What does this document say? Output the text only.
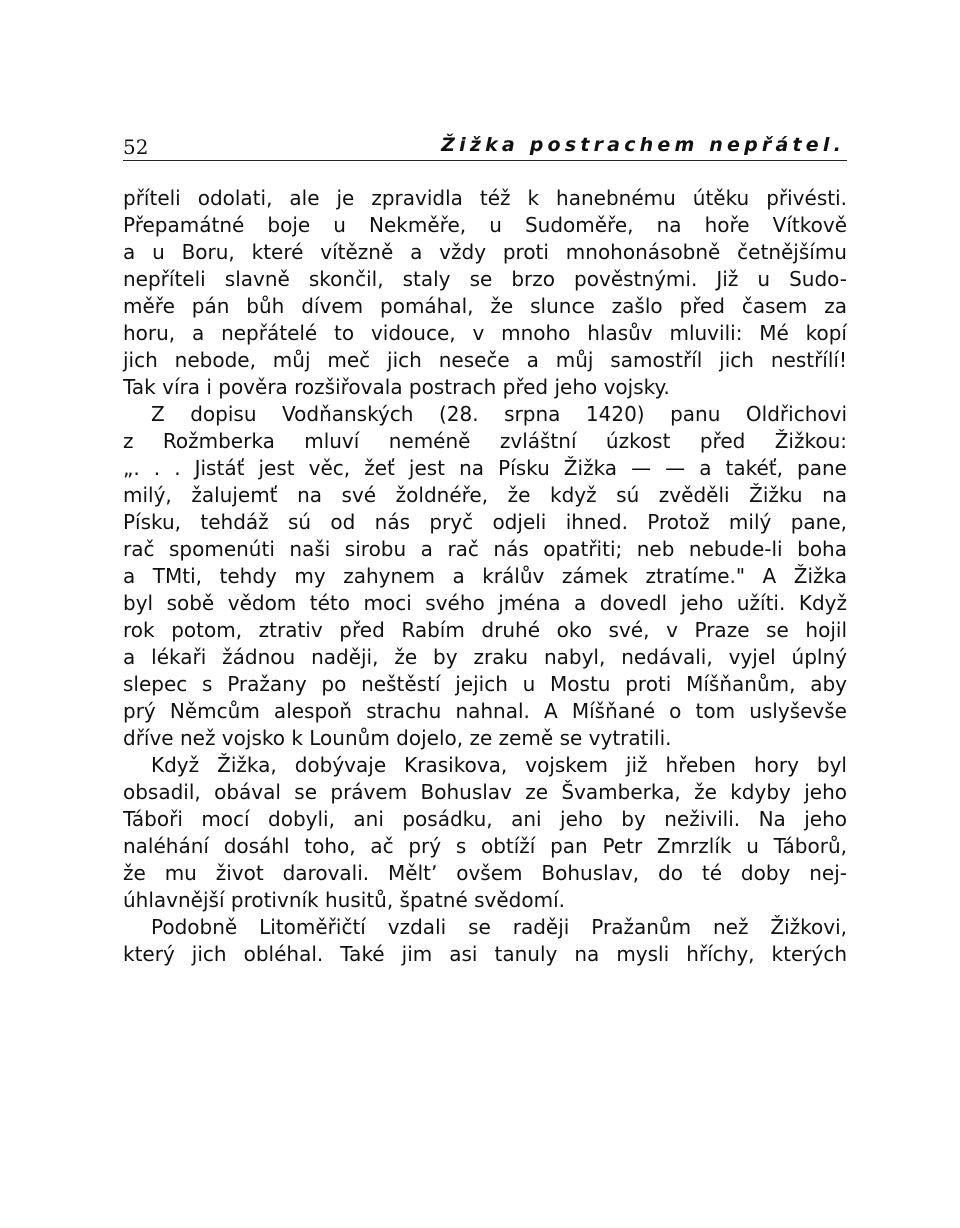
52	Žižka postrachem nepřátel.
příteli odolati, ale je zpravidla též k hanebnému útěku přivésti.
Přepamátné boje u Nekměře, u Sudoměře, na hoře Vítkově
a u Boru, které vítězně a vždy proti mnohonásobně četnějšímu
nepříteli slavně skončil, staly se brzo pověstnými. Již u Sudo-
měře pán bůh dívem pomáhal, že slunce zašlo před časem za
horu, a nepřátelé to vidouce, v mnoho hlasův mluvili: Mé kopí
jich nebode, můj meč jich neseče a můj samostříl jich nestřílí!
Tak víra i pověra rozšiřovala postrach před jeho vojsky.
Z dopisu Vodňanských (28. srpna 1420) panu Oldřichovi
z Rožmberka mluví neméně zvláštní úzkost před Žižkou:
„. . . Jistáť jest věc, žeť jest na Písku Žižka — — a takéť, pane
milý, žalujemť na své žoldnéře, že když sú zvěděli Žižku na
Písku, tehdáž sú od nás pryč odjeli ihned. Protož milý pane,
rač spomenúti naši sirobu a rač nás opatřiti; neb nebude-li boha
a TMti, tehdy my zahynem a králův zámek ztratíme." A Žižka
byl sobě vědom této moci svého jména a dovedl jeho užíti. Když
rok potom, ztrativ před Rabím druhé oko své, v Praze se hojil
a lékaři žádnou naději, že by zraku nabyl, nedávali, vyjel úplný
slepec s Pražany po neštěstí jejich u Mostu proti Míšňanům, aby
prý Němcům alespoň strachu nahnal. A Míšňané o tom uslyševše
dříve než vojsko k Lounům dojelo, ze země se vytratili.
Když Žižka, dobývaje Krasikova, vojskem již hřeben hory byl
obsadil, obával se právem Bohuslav ze Švamberka, že kdyby jeho
Táboři mocí dobyli, ani posádku, ani jeho by neživili. Na jeho
naléhání dosáhl toho, ač prý s obtíží pan Petr Zmrzlík u Táborů,
že mu život darovali. Měltʼ ovšem Bohuslav, do té doby nej-
úhlavnější protivník husitů, špatné svědomí.
Podobně Litoměřičtí vzdali se raději Pražanům než Žižkovi,
který jich obléhal. Také jim asi tanuly na mysli hříchy, kterých
